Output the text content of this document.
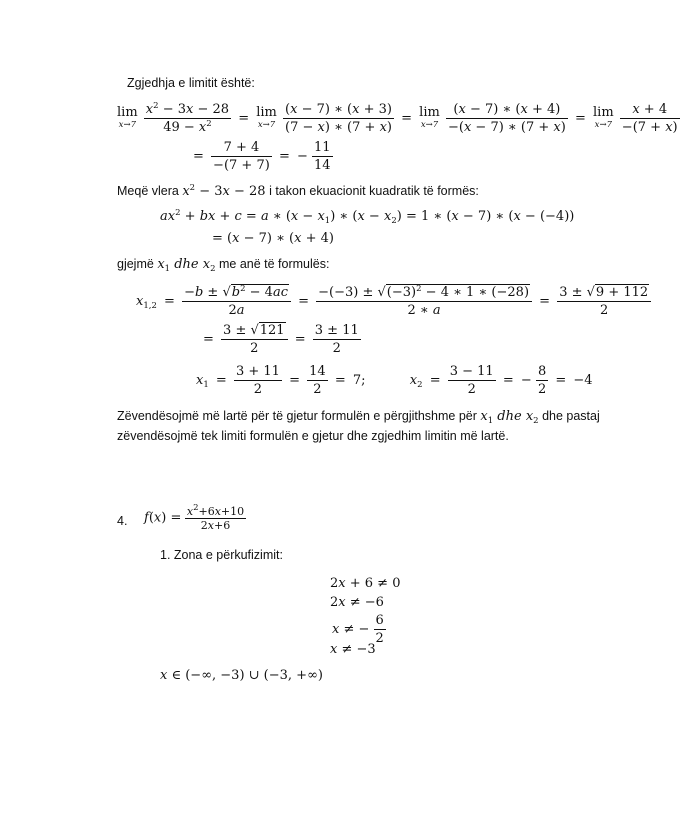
Zgjedhja e limitit është:
lim
x→7
$\frac{x^2 - 3x - 28}{49 - x^2} = \lim$
x→7
$\frac{(x - 7) ∗ (x + 3)}{(7 - x) ∗ (7 + x)} = \lim$
x→7
$\frac{(x - 7) ∗ (x + 4)}{-(x - 7) ∗ (7 + x)} = \lim$
x→7
$\frac{x + 4}{-(7 + x)}$
= $\frac{7 + 4}{-(7 + 7)}$ = − $\frac{11}{14}$
Meqë vlera $x^2 - 3x - 28$ i takon ekuacionit kuadratik të formës:
$ax^2$ + bx + c = a ∗ $(x - x_1)$ ∗ $(x - x_2) = 1$ ∗ (x − 7) ∗ (x − (−4))
= (x − 7) ∗ (x + 4)
gjejmë $x_1$ dhe $x_2$ me anë të formulës:
$x_{1,2} = \frac{-b \pm √b^2 - 4ac}{2a} = \frac{-(-3) \pm √(-3)^2 - 4 ∗ 1 ∗ (-28)}{2 ∗ a} = \frac{3 \pm √9 + 112}{2}$
= $\frac{3 \pm √121}{2} = \frac{3 \pm 11}{2}$
$x_1 = \frac{3 + 11}{2} = \frac{14}{2} = 7$;	$x_2 = \frac{3 - 11}{2}$ = − $\frac{8}{2} = -4$
Zëvendësojmë më lartë për të gjetur formulën e përgjithshme për $x_1$ dhe $x_2$ dhe pastaj
zëvendësojmë tek limiti formulën e gjetur dhe zgjedhim limitin më lartë.
4. $f(x) = \frac{x^2+6x+10}{2x+6}$
1. Zona e përkufizimit:
2x + 6 ≠ 0
2x ≠ −6
x ≠ − $\frac{6}{2}$
x ≠ −3
x ∈ (−∞, −3) ∪ (−3, +∞)
